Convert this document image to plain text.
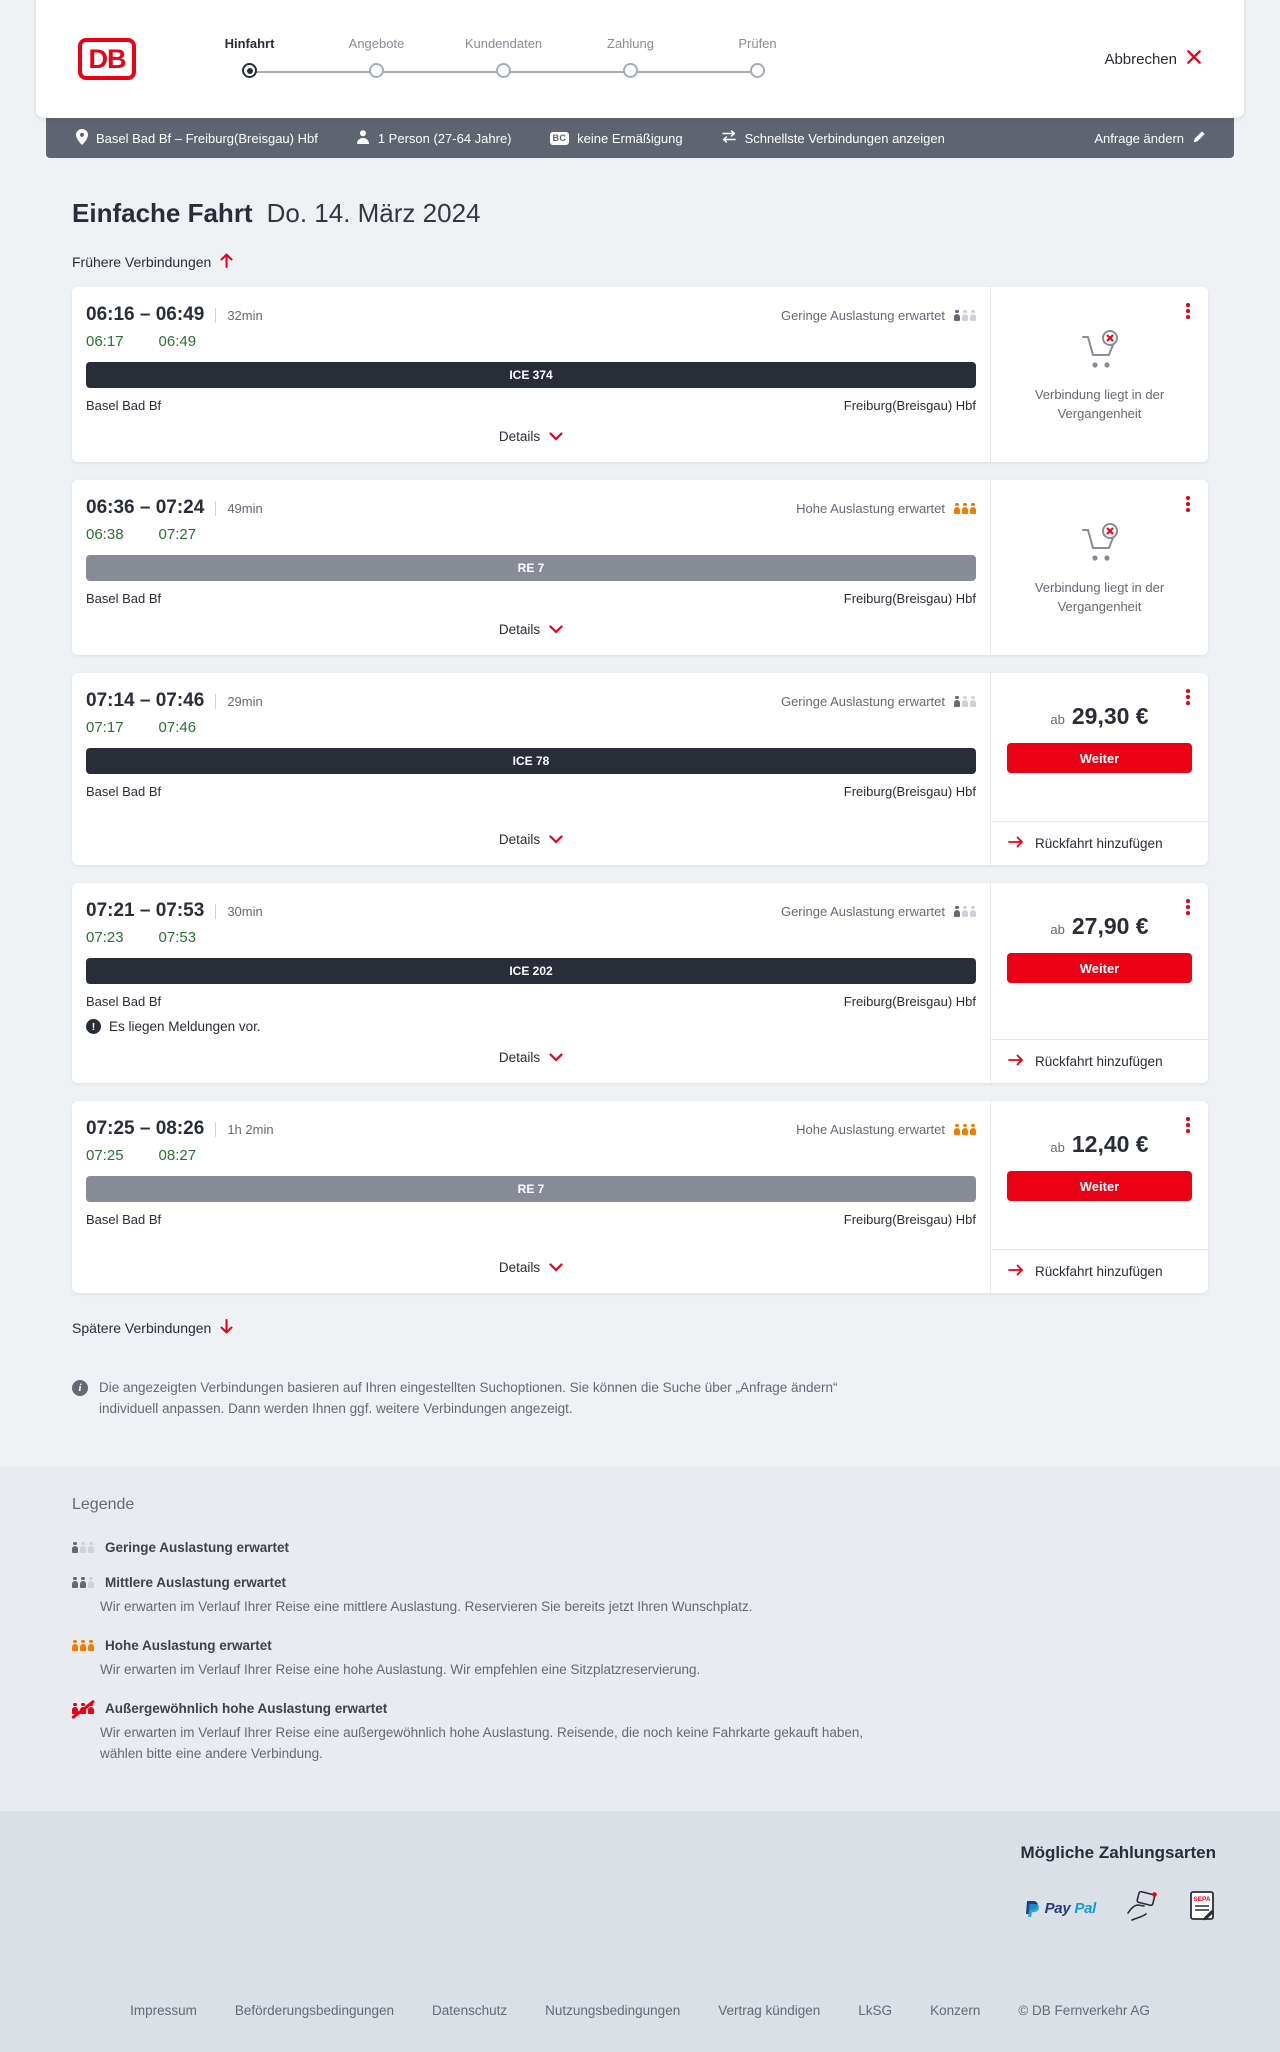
DB	Hinfahrt	Angebote	Kundendaten	Zahlung	Prüfen
Abbrechen
Basel Bad Bf – Freiburg(Breisgau) Hbf	1 Person (27-64 Jahre)	BC keine Ermäßigung	Schnellste Verbindungen anzeigen	Anfrage ändern
Einfache Fahrt Do. 14. März 2024
Frühere Verbindungen
06:16 – 06:49 32min	Geringe Auslastung erwartet
06:17 06:49
ICE 374
Basel Bad Bf	Freiburg(Breisgau) Hbf
Details

Verbindung liegt in der Vergangenheit

06:36 – 07:24 49min	Hohe Auslastung erwartet
06:38 07:27
RE 7
Basel Bad Bf	Freiburg(Breisgau) Hbf
Details

Verbindung liegt in der Vergangenheit

07:14 – 07:46 29min	Geringe Auslastung erwartet
07:17 07:46
ICE 78
Basel Bad Bf	Freiburg(Breisgau) Hbf
Details
ab 29,30 €
Weiter
Rückfahrt hinzufügen
07:21 – 07:53 30min	Geringe Auslastung erwartet
07:23 07:53
ICE 202
Basel Bad Bf	Freiburg(Breisgau) Hbf
!
Es liegen Meldungen vor.
Details
ab 27,90 €
Weiter
Rückfahrt hinzufügen
07:25 – 08:26 1h 2min	Hohe Auslastung erwartet
07:25 08:27
RE 7
Basel Bad Bf	Freiburg(Breisgau) Hbf
Details
ab 12,40 €
Weiter
Rückfahrt hinzufügen
Spätere Verbindungen
i

Die angezeigten Verbindungen basieren auf Ihren eingestellten Suchoptionen. Sie können die Suche über „Anfrage ändern“ individuell anpassen. Dann werden Ihnen ggf. weitere Verbindungen angezeigt.

Legende
Geringe Auslastung erwartet
Mittlere Auslastung erwartet

Wir erwarten im Verlauf Ihrer Reise eine mittlere Auslastung. Reservieren Sie bereits jetzt Ihren Wunschplatz.

Hohe Auslastung erwartet

Wir erwarten im Verlauf Ihrer Reise eine hohe Auslastung. Wir empfehlen eine Sitzplatzreservierung.

Außergewöhnlich hohe Auslastung erwartet

Wir erwarten im Verlauf Ihrer Reise eine außergewöhnlich hohe Auslastung. Reisende, die noch keine Fahrkarte gekauft haben, wählen bitte eine andere Verbindung.

Mögliche Zahlungsarten
Pay Pal
SEPA
Impressum	Beförderungsbedingungen	Datenschutz	Nutzungsbedingungen	Vertrag kündigen	LkSG	Konzern	© DB Fernverkehr AG
